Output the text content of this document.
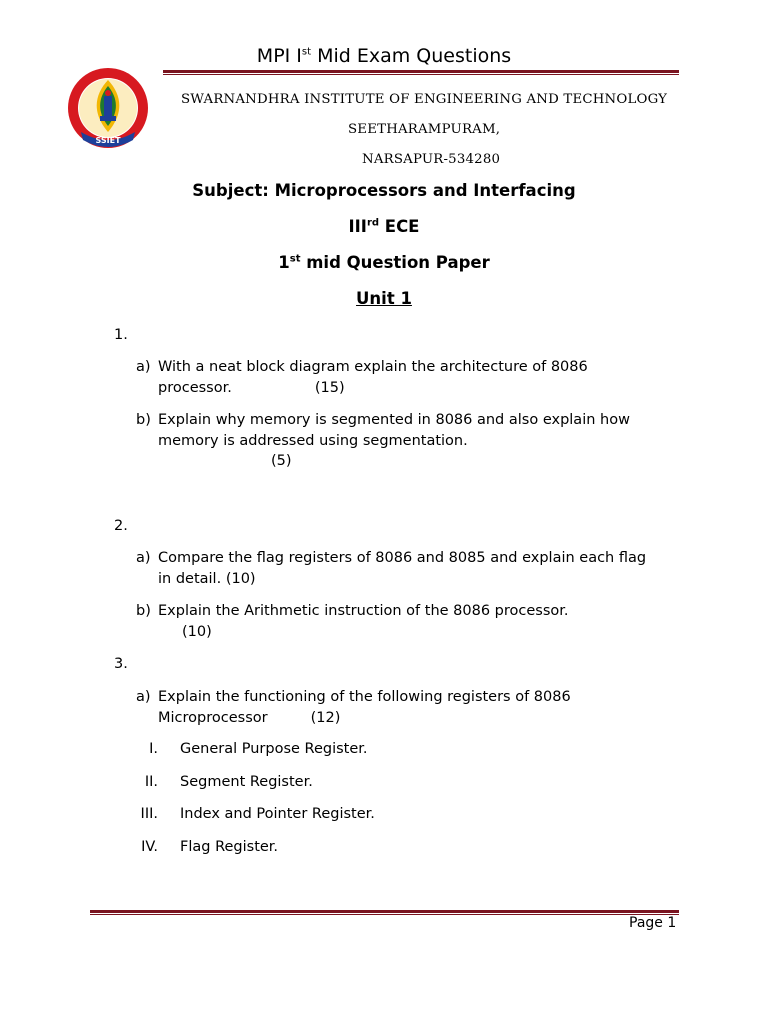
MPI Ist Mid Exam Questions
SSIET
SWARNANDHRA INSTITUTE OF ENGINEERING AND TECHNOLOGY
SEETHARAMPURAM,
NARSAPUR-534280
Subject: Microprocessors and Interfacing
IIIrd ECE
1st mid Question Paper
Unit 1
1.
a) With a neat block diagram explain the architecture of 8086
processor.	(15)
b) Explain why memory is segmented in 8086 and also explain how
memory is addressed using segmentation.
(5)
2.
a) Compare the flag registers of 8086 and 8085 and explain each flag
in detail. (10)
b) Explain the Arithmetic instruction of the 8086 processor.
(10)
3.
a) Explain the functioning of the following registers of 8086
Microprocessor	(12)
I. General Purpose Register.
II. Segment Register.
III. Index and Pointer Register.
IV. Flag Register.
Page 1
